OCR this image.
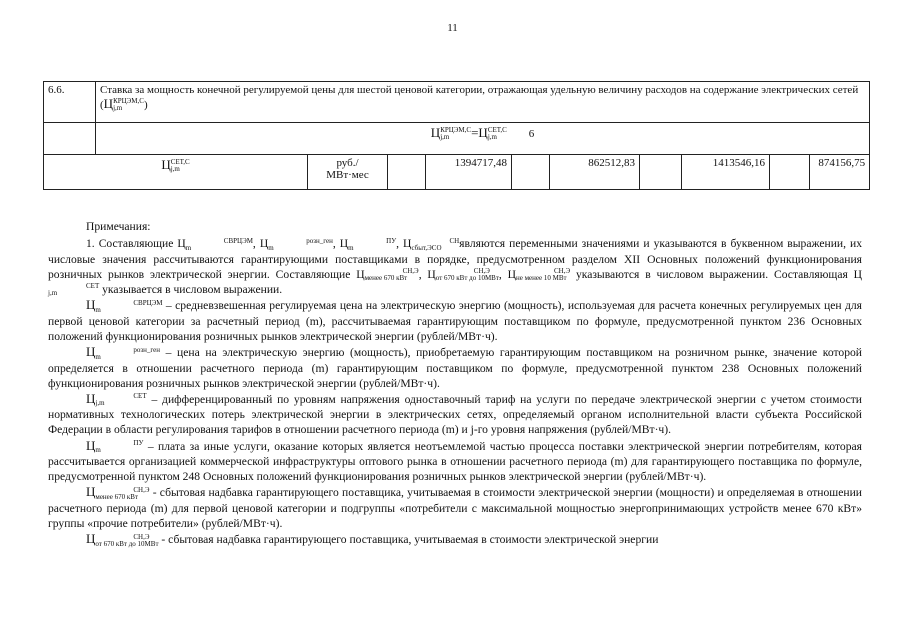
11
6.6.	Ставка за мощность конечной регулируемой цены для шестой ценовой категории, отражающая удельную величину расходов на содержание электрических сетей (ЦКРЦЭМ,С
j,m )									
	ЦКРЦЭМ,С
j,m =ЦСЕТ,С
j,m 6									
ЦСЕТ,С
j,m		руб./
МВт·мес		1394717,48		862512,83		1413546,16		874156,75

Примечания:

1. Составляющие Ц	СВРЦЭМ
m	, Ц	розн_ген
m	, Ц	ПУ
m	, Ц	СН
сбыт,ЭСО являются переменными значениями и указываются в буквенном выражении, их числовые значения рассчитываются гарантирующими поставщиками в порядке, предусмотренном разделом XII Основных положений функционирования розничных рынков электрической энергии. Составляющие Ц	СН,Э
менее 670 кВт , Ц	СН,Э
от 670 кВт до 10МВт, Ц	СН,Э
не менее 10 МВт указываются в числовом выражении. Составляющая ЦСЕТ
j,m	указывается в числовом выражении.

Ц	СВРЦЭМ
m	– средневзвешенная регулируемая цена на электрическую энергию (мощность), используемая для расчета конечных регулируемых цен для первой ценовой категории за расчетный период (m), рассчитываемая гарантирующим поставщиком по формуле, предусмотренной пунктом 236 Основных положений функционирования розничных рынков электрической энергии (рублей/МВт·ч).

Ц	розн_ген
m	– цена на электрическую энергию (мощность), приобретаемую гарантирующим поставщиком на розничном рынке, значение которой определяется в отношении расчетного периода (m) гарантирующим поставщиком по формуле, предусмотренной пунктом 238 Основных положений функционирования розничных рынков электрической энергии (рублей/МВт·ч).

Ц	СЕТ
j,m	– дифференцированный по уровням напряжения одноставочный тариф на услуги по передаче электрической энергии с учетом стоимости нормативных технологических потерь электрической энергии в электрических сетях, определяемый органом исполнительной власти субъекта Российской Федерации в области регулирования тарифов в отношении расчетного периода (m) и j-го уровня напряжения (рублей/МВт·ч).

Ц	ПУ
m	– плата за иные услуги, оказание которых является неотъемлемой частью процесса поставки электрической энергии потребителям, которая рассчитывается организацией коммерческой инфраструктуры оптового рынка в отношении расчетного периода (m) для гарантирующего поставщика по формуле, предусмотренной пунктом 248 Основных положений функционирования розничных рынков электрической энергии (рублей/МВт·ч).

Ц	СН,Э
менее 670 кВт - сбытовая надбавка гарантирующего поставщика, учитываемая в стоимости электрической энергии (мощности) и определяемая в отношении расчетного периода (m) для первой ценовой категории и подгруппы «потребители с максимальной мощностью энергопринимающих устройств менее 670 кВт» группы «прочие потребители» (рублей/МВт·ч).

Ц	СН,Э
от 670 кВт до 10МВт - сбытовая надбавка гарантирующего поставщика, учитываемая в стоимости электрической энергии
